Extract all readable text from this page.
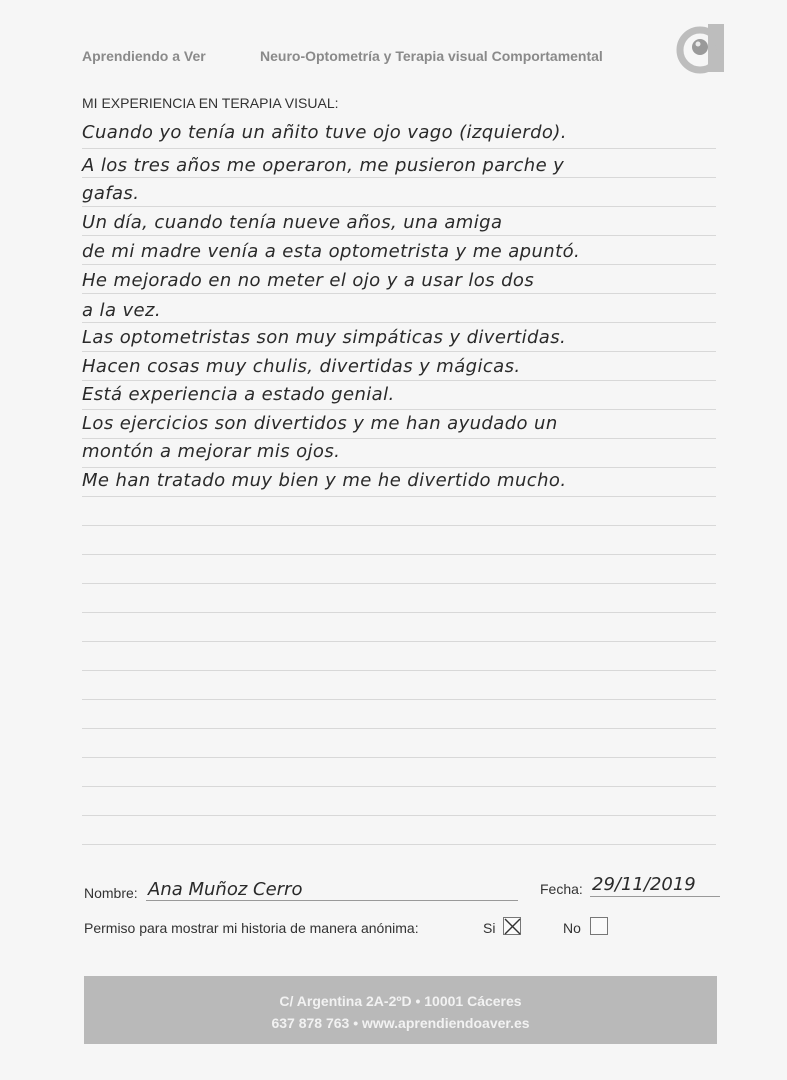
Aprendiendo a Ver	Neuro-Optometría y Terapia visual Comportamental
MI EXPERIENCIA EN TERAPIA VISUAL:
Cuando yo tenía un añito tuve ojo vago (izquierdo).
A los tres años me operaron, me pusieron parche y
gafas.
Un día, cuando tenía nueve años, una amiga
de mi madre venía a esta optometrista y me apuntó.
He mejorado en no meter el ojo y a usar los dos
a la vez.
Las optometristas son muy simpáticas y divertidas.
Hacen cosas muy chulis, divertidas y mágicas.
Está experiencia a estado genial.
Los ejercicios son divertidos y me han ayudado un
montón a mejorar mis ojos.
Me han tratado muy bien y me he divertido mucho.
Nombre: Ana Muñoz Cerro	Fecha: 29/11/2019
Permiso para mostrar mi historia de manera anónima:	Si	No
C/ Argentina 2A-2ºD • 10001 Cáceres
637 878 763 • www.aprendiendoaver.es
